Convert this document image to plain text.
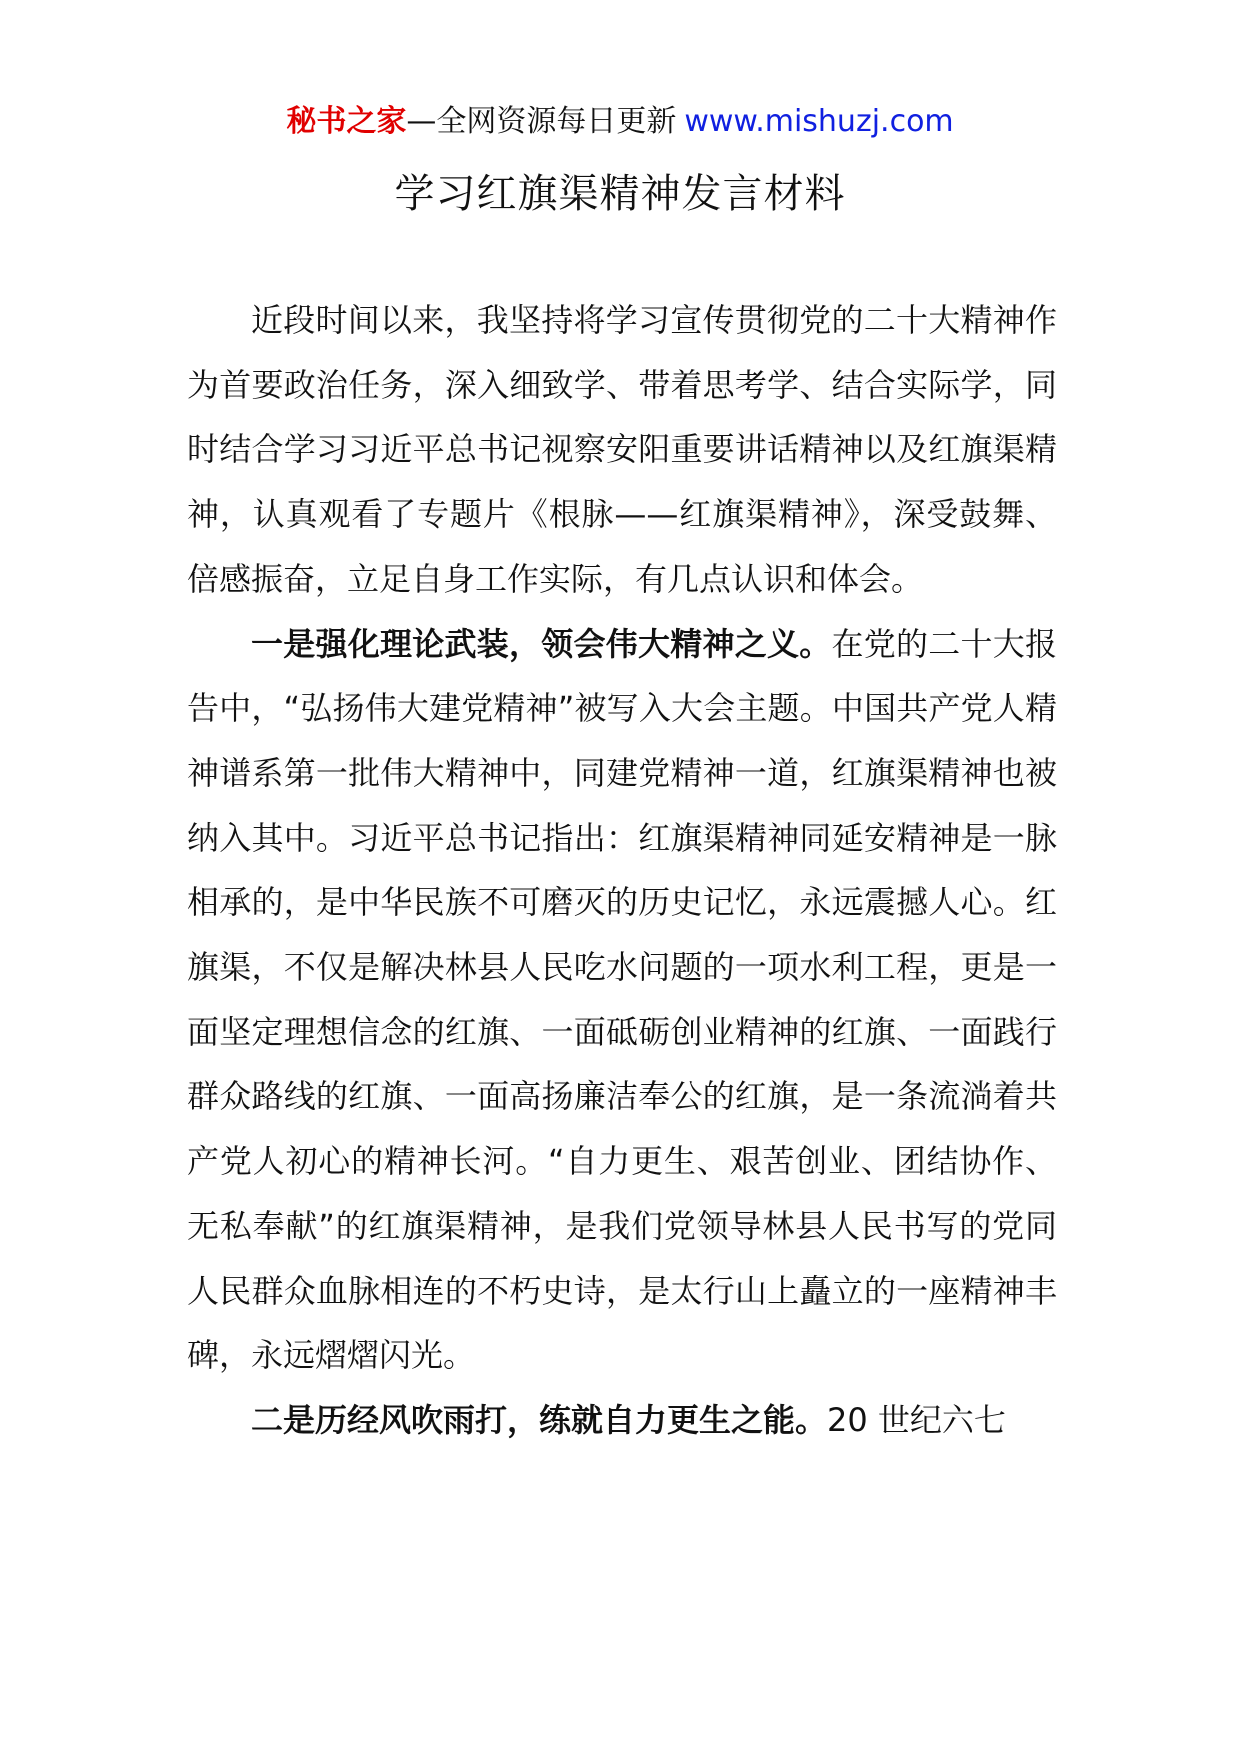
秘书之家—全网资源每日更新 www.mishuzj.com
学习红旗渠精神发言材料

近段时间以来，我坚持将学习宣传贯彻党的二十大精神作为首要政治任务，深入细致学、带着思考学、结合实际学，同时结合学习习近平总书记视察安阳重要讲话精神以及红旗渠精神，认真观看了专题片《根脉——红旗渠精神》，深受鼓舞、倍感振奋，立足自身工作实际，有几点认识和体会。

一是强化理论武装，领会伟大精神之义。在党的二十大报告中，“弘扬伟大建党精神”被写入大会主题。中国共产党人精神谱系第一批伟大精神中，同建党精神一道，红旗渠精神也被纳入其中。习近平总书记指出：红旗渠精神同延安精神是一脉相承的，是中华民族不可磨灭的历史记忆，永远震撼人心。红旗渠，不仅是解决林县人民吃水问题的一项水利工程，更是一面坚定理想信念的红旗、一面砥砺创业精神的红旗、一面践行群众路线的红旗、一面高扬廉洁奉公的红旗，是一条流淌着共产党人初心的精神长河。“自力更生、艰苦创业、团结协作、无私奉献”的红旗渠精神，是我们党领导林县人民书写的党同人民群众血脉相连的不朽史诗，是太行山上矗立的一座精神丰碑，永远熠熠闪光。

二是历经风吹雨打，练就自力更生之能。20 世纪六七
